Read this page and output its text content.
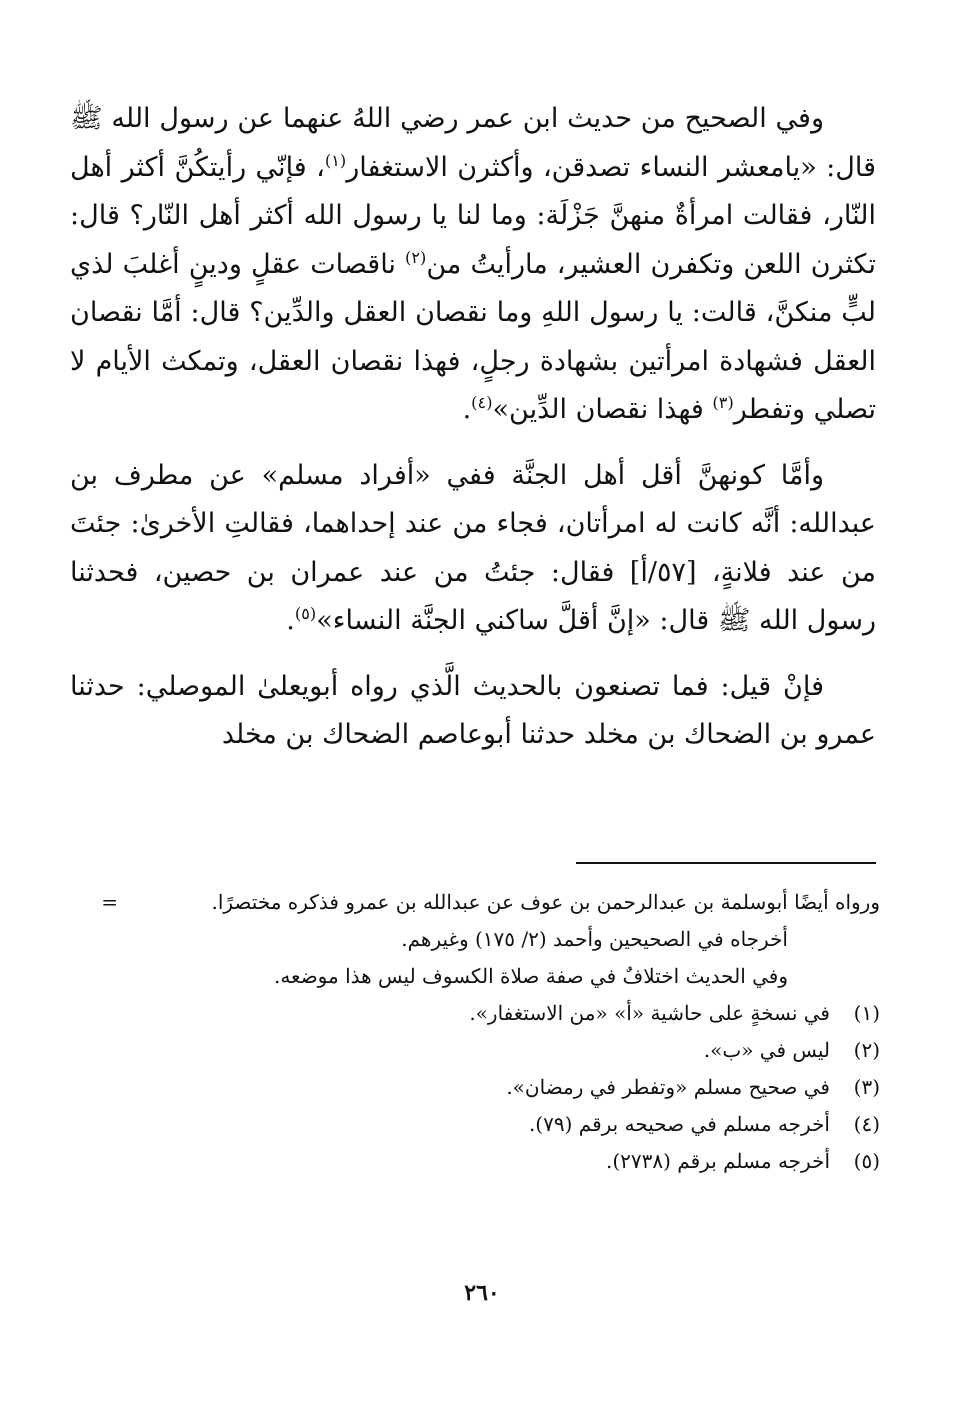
وفي الصحيح من حديث ابن عمر رضي اللهُ عنهما عن رسول الله ﷺ قال: «يامعشر النساء تصدقن، وأكثرن الاستغفار$^{(١)}$، فإنّي رأيتكُنَّ أكثر أهل النّار، فقالت امرأةٌ منهنَّ جَزْلَة: وما لنا يا رسول الله أكثر أهل النّار؟ قال: تكثرن اللعن وتكفرن العشير، مارأيتُ من$^{(٢)}$ ناقصات عقلٍ ودينٍ أغلبَ لذي لبٍّ منكنَّ، قالت: يا رسول اللهِ وما نقصان العقل والدِّين؟ قال: أمَّا نقصان العقل فشهادة امرأتين بشهادة رجلٍ، فهذا نقصان العقل، وتمكث الأيام لا تصلي وتفطر$^{(٣)}$ فهذا نقصان الدِّين»$^{(٤)}$.

وأمَّا كونهنَّ أقل أهل الجنَّة ففي «أفراد مسلم» عن مطرف بن عبدالله: أنَّه كانت له امرأتان، فجاء من عند إحداهما، فقالتِ الأخرىٰ: جئتَ من عند فلانةٍ، [٥٧/أ] فقال: جئتُ من عند عمران بن حصين، فحدثنا رسول الله ﷺ قال: «إنَّ أقلَّ ساكني الجنَّة النساء»$^{(٥)}$.

فإنْ قيل: فما تصنعون بالحديث الَّذي رواه أبويعلىٰ الموصلي: حدثنا عمرو بن الضحاك بن مخلد حدثنا أبوعاصم الضحاك بن مخلد

ورواه أيضًا أبوسلمة بن عبدالرحمن بن عوف عن عبدالله بن عمرو فذكره مختصرًا.
=
أخرجاه في الصحيحين وأحمد (٢/ ١٧٥) وغيرهم.
وفي الحديث اختلافٌ في صفة صلاة الكسوف ليس هذا موضعه.
(١)
في نسخةٍ على حاشية «أ» «من الاستغفار».
(٢)
ليس في «ب».
(٣)
في صحيح مسلم «وتفطر في رمضان».
(٤)
أخرجه مسلم في صحيحه برقم (٧٩).
(٥)
أخرجه مسلم برقم (٢٧٣٨).
٢٦٠
